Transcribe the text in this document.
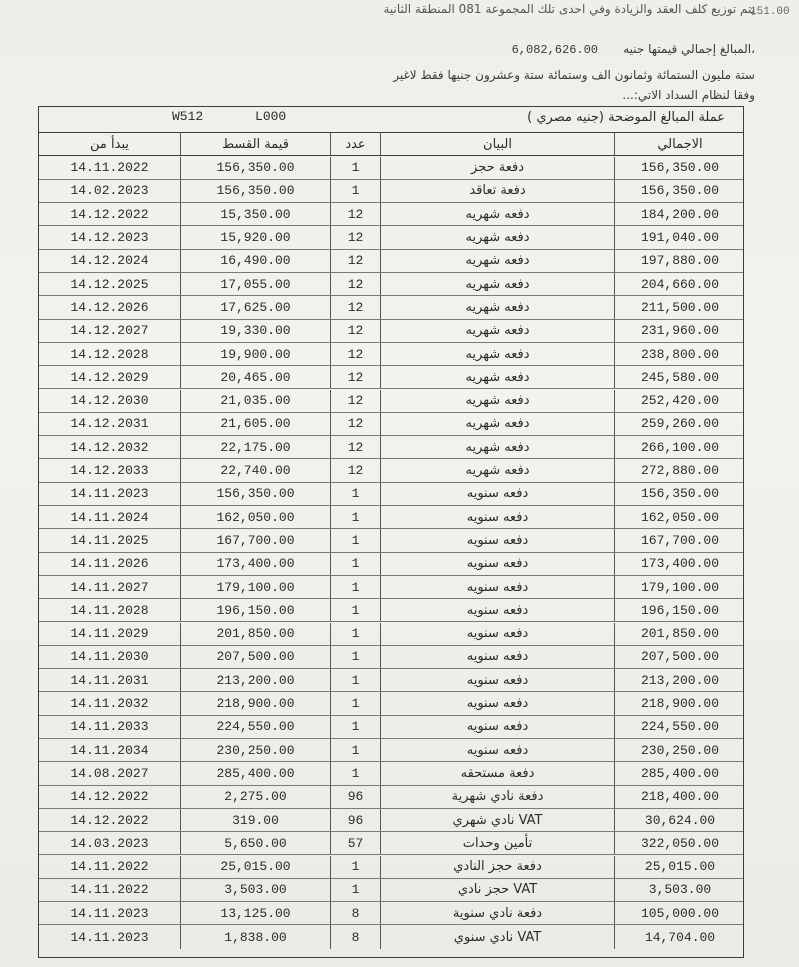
يتم توزيع كلف العقد والزيادة وفي احدى تلك المجموعة 081 المنطقة الثانية
151.00
6,082,626.00 المبالغ إجمالي قيمتها جنيه،
ستة مليون الستمائة وثمانون الف وستمائة ستة وعشرون جنيها فقط لاغير
وفقا لنظام السداد الاتي:...
W512	L000	عملة المبالغ الموضحة (جنيه مصري )
يبدأ من	قيمة القسط	عدد	البيان	الاجمالي
14.11.2022	156,350.00	1	دفعة حجز	156,350.00
14.02.2023	156,350.00	1	دفعة تعاقد	156,350.00
14.12.2022	15,350.00	12	دفعه شهريه	184,200.00
14.12.2023	15,920.00	12	دفعه شهريه	191,040.00
14.12.2024	16,490.00	12	دفعه شهريه	197,880.00
14.12.2025	17,055.00	12	دفعه شهريه	204,660.00
14.12.2026	17,625.00	12	دفعه شهريه	211,500.00
14.12.2027	19,330.00	12	دفعه شهريه	231,960.00
14.12.2028	19,900.00	12	دفعه شهريه	238,800.00
14.12.2029	20,465.00	12	دفعه شهريه	245,580.00
14.12.2030	21,035.00	12	دفعه شهريه	252,420.00
14.12.2031	21,605.00	12	دفعه شهريه	259,260.00
14.12.2032	22,175.00	12	دفعه شهريه	266,100.00
14.12.2033	22,740.00	12	دفعه شهريه	272,880.00
14.11.2023	156,350.00	1	دفعه سنويه	156,350.00
14.11.2024	162,050.00	1	دفعه سنويه	162,050.00
14.11.2025	167,700.00	1	دفعه سنويه	167,700.00
14.11.2026	173,400.00	1	دفعه سنويه	173,400.00
14.11.2027	179,100.00	1	دفعه سنويه	179,100.00
14.11.2028	196,150.00	1	دفعه سنويه	196,150.00
14.11.2029	201,850.00	1	دفعه سنويه	201,850.00
14.11.2030	207,500.00	1	دفعه سنويه	207,500.00
14.11.2031	213,200.00	1	دفعه سنويه	213,200.00
14.11.2032	218,900.00	1	دفعه سنويه	218,900.00
14.11.2033	224,550.00	1	دفعه سنويه	224,550.00
14.11.2034	230,250.00	1	دفعه سنويه	230,250.00
14.08.2027	285,400.00	1	دفعة مستحقه	285,400.00
14.12.2022	2,275.00	96	دفعة نادي شهرية	218,400.00
14.12.2022	319.00	96	VAT نادي شهري	30,624.00
14.03.2023	5,650.00	57	تأمين وحدات	322,050.00
14.11.2022	25,015.00	1	دفعة حجز النادي	25,015.00
14.11.2022	3,503.00	1	VAT حجز نادي	3,503.00
14.11.2023	13,125.00	8	دفعة نادي سنوية	105,000.00
14.11.2023	1,838.00	8	VAT نادي سنوي	14,704.00
